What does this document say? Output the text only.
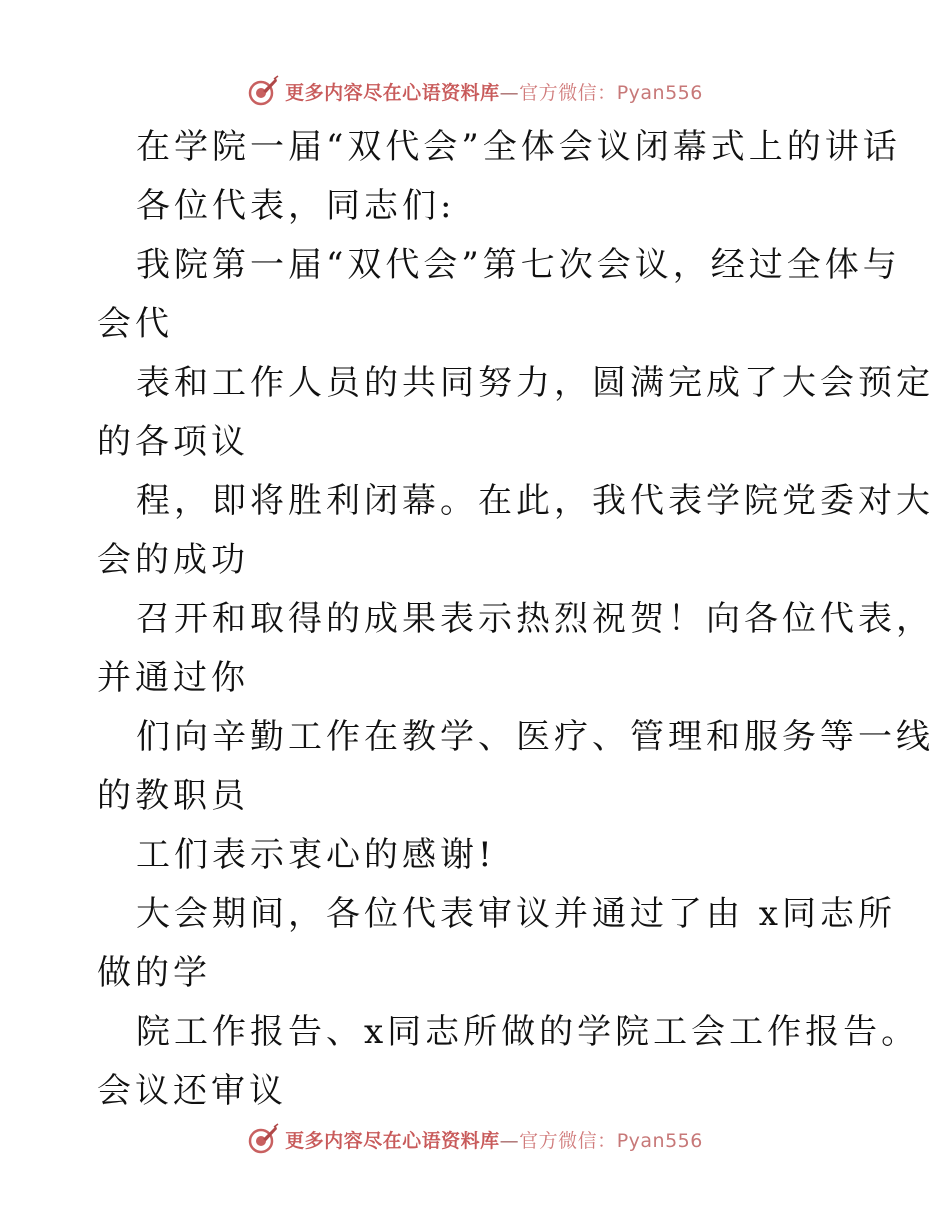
更多内容尽在心语资料库—官方微信：Pyan556
在学院一届“双代会”全体会议闭幕式上的讲话
各位代表，同志们:
我院第一届“双代会”第七次会议，经过全体与
会代
表和工作人员的共同努力，圆满完成了大会预定
的各项议
程，即将胜利闭幕。在此，我代表学院党委对大
会的成功
召开和取得的成果表示热烈祝贺！向各位代表，
并通过你
们向辛勤工作在教学、医疗、管理和服务等一线
的教职员
工们表示衷心的感谢!
大会期间，各位代表审议并通过了由 x同志所
做的学
院工作报告、x同志所做的学院工会工作报告。
会议还审议
更多内容尽在心语资料库—官方微信：Pyan556
